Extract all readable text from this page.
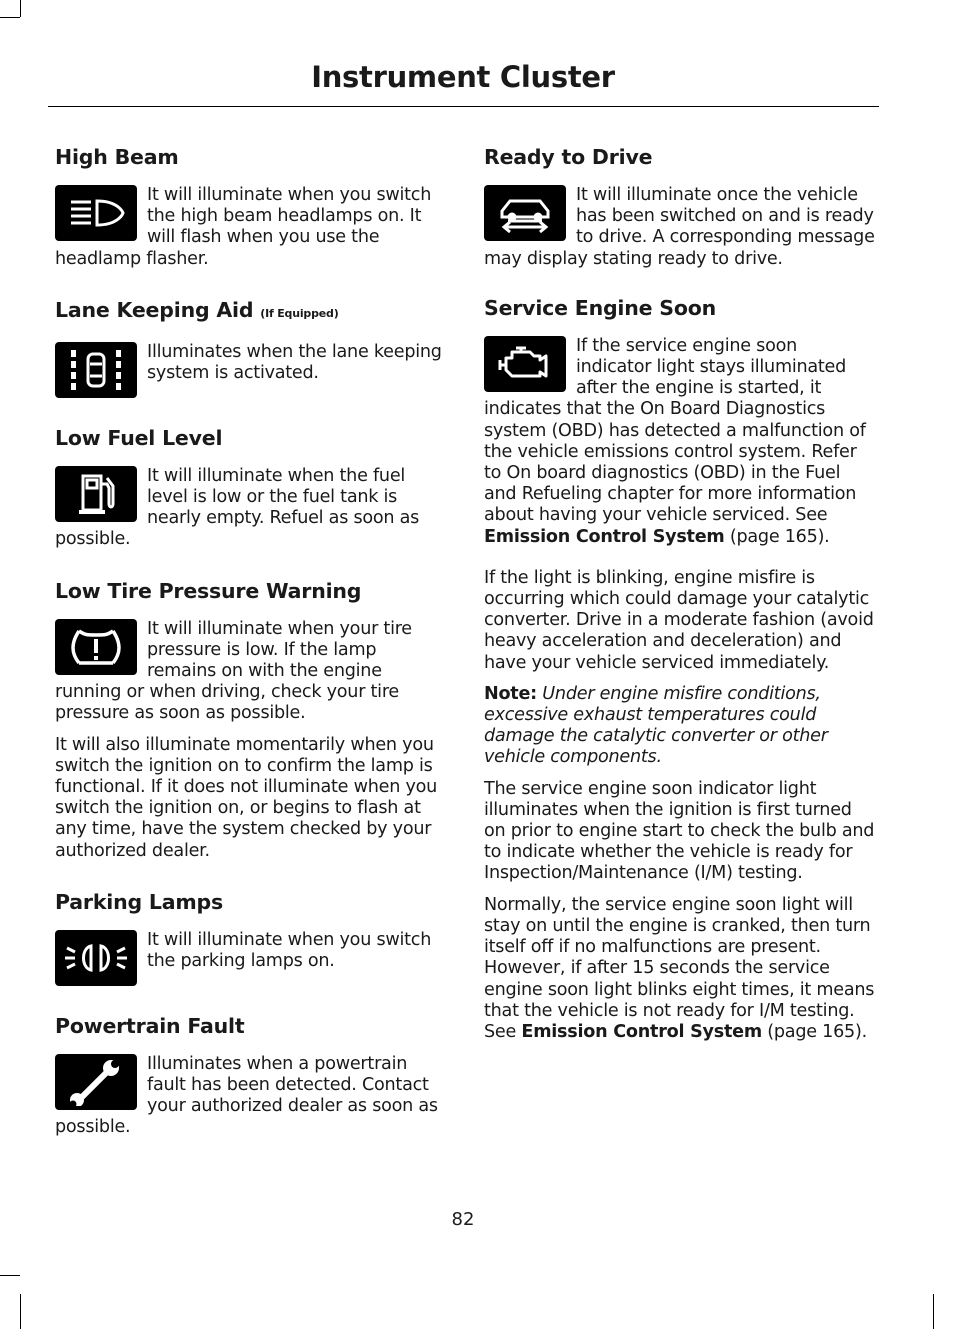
Instrument Cluster
High Beam

It will illuminate when you switch the high beam headlamps on. It will flash when you use the headlamp flasher.

Lane Keeping Aid (If Equipped)

Illuminates when the lane keeping system is activated.

Low Fuel Level

It will illuminate when the fuel level is low or the fuel tank is nearly empty. Refuel as soon as possible.

Low Tire Pressure Warning

It will illuminate when your tire pressure is low. If the lamp remains on with the engine running or when driving, check your tire pressure as soon as possible.

It will also illuminate momentarily when you switch the ignition on to confirm the lamp is functional. If it does not illuminate when you switch the ignition on, or begins to flash at any time, have the system checked by your authorized dealer.

Parking Lamps

It will illuminate when you switch the parking lamps on.

Powertrain Fault

Illuminates when a powertrain fault has been detected. Contact your authorized dealer as soon as possible.

Ready to Drive

It will illuminate once the vehicle has been switched on and is ready to drive. A corresponding message may display stating ready to drive.

Service Engine Soon

If the service engine soon indicator light stays illuminated after the engine is started, it indicates that the On Board Diagnostics system (OBD) has detected a malfunction of the vehicle emissions control system. Refer to On board diagnostics (OBD) in the Fuel and Refueling chapter for more information about having your vehicle serviced. See Emission Control System (page 165).

If the light is blinking, engine misfire is occurring which could damage your catalytic converter. Drive in a moderate fashion (avoid heavy acceleration and deceleration) and have your vehicle serviced immediately.

Note: Under engine misfire conditions, excessive exhaust temperatures could damage the catalytic converter or other vehicle components.

The service engine soon indicator light illuminates when the ignition is first turned on prior to engine start to check the bulb and to indicate whether the vehicle is ready for Inspection/Maintenance (I/M) testing.

Normally, the service engine soon light will stay on until the engine is cranked, then turn itself off if no malfunctions are present. However, if after 15 seconds the service engine soon light blinks eight times, it means that the vehicle is not ready for I/M testing. See Emission Control System (page 165).

82
